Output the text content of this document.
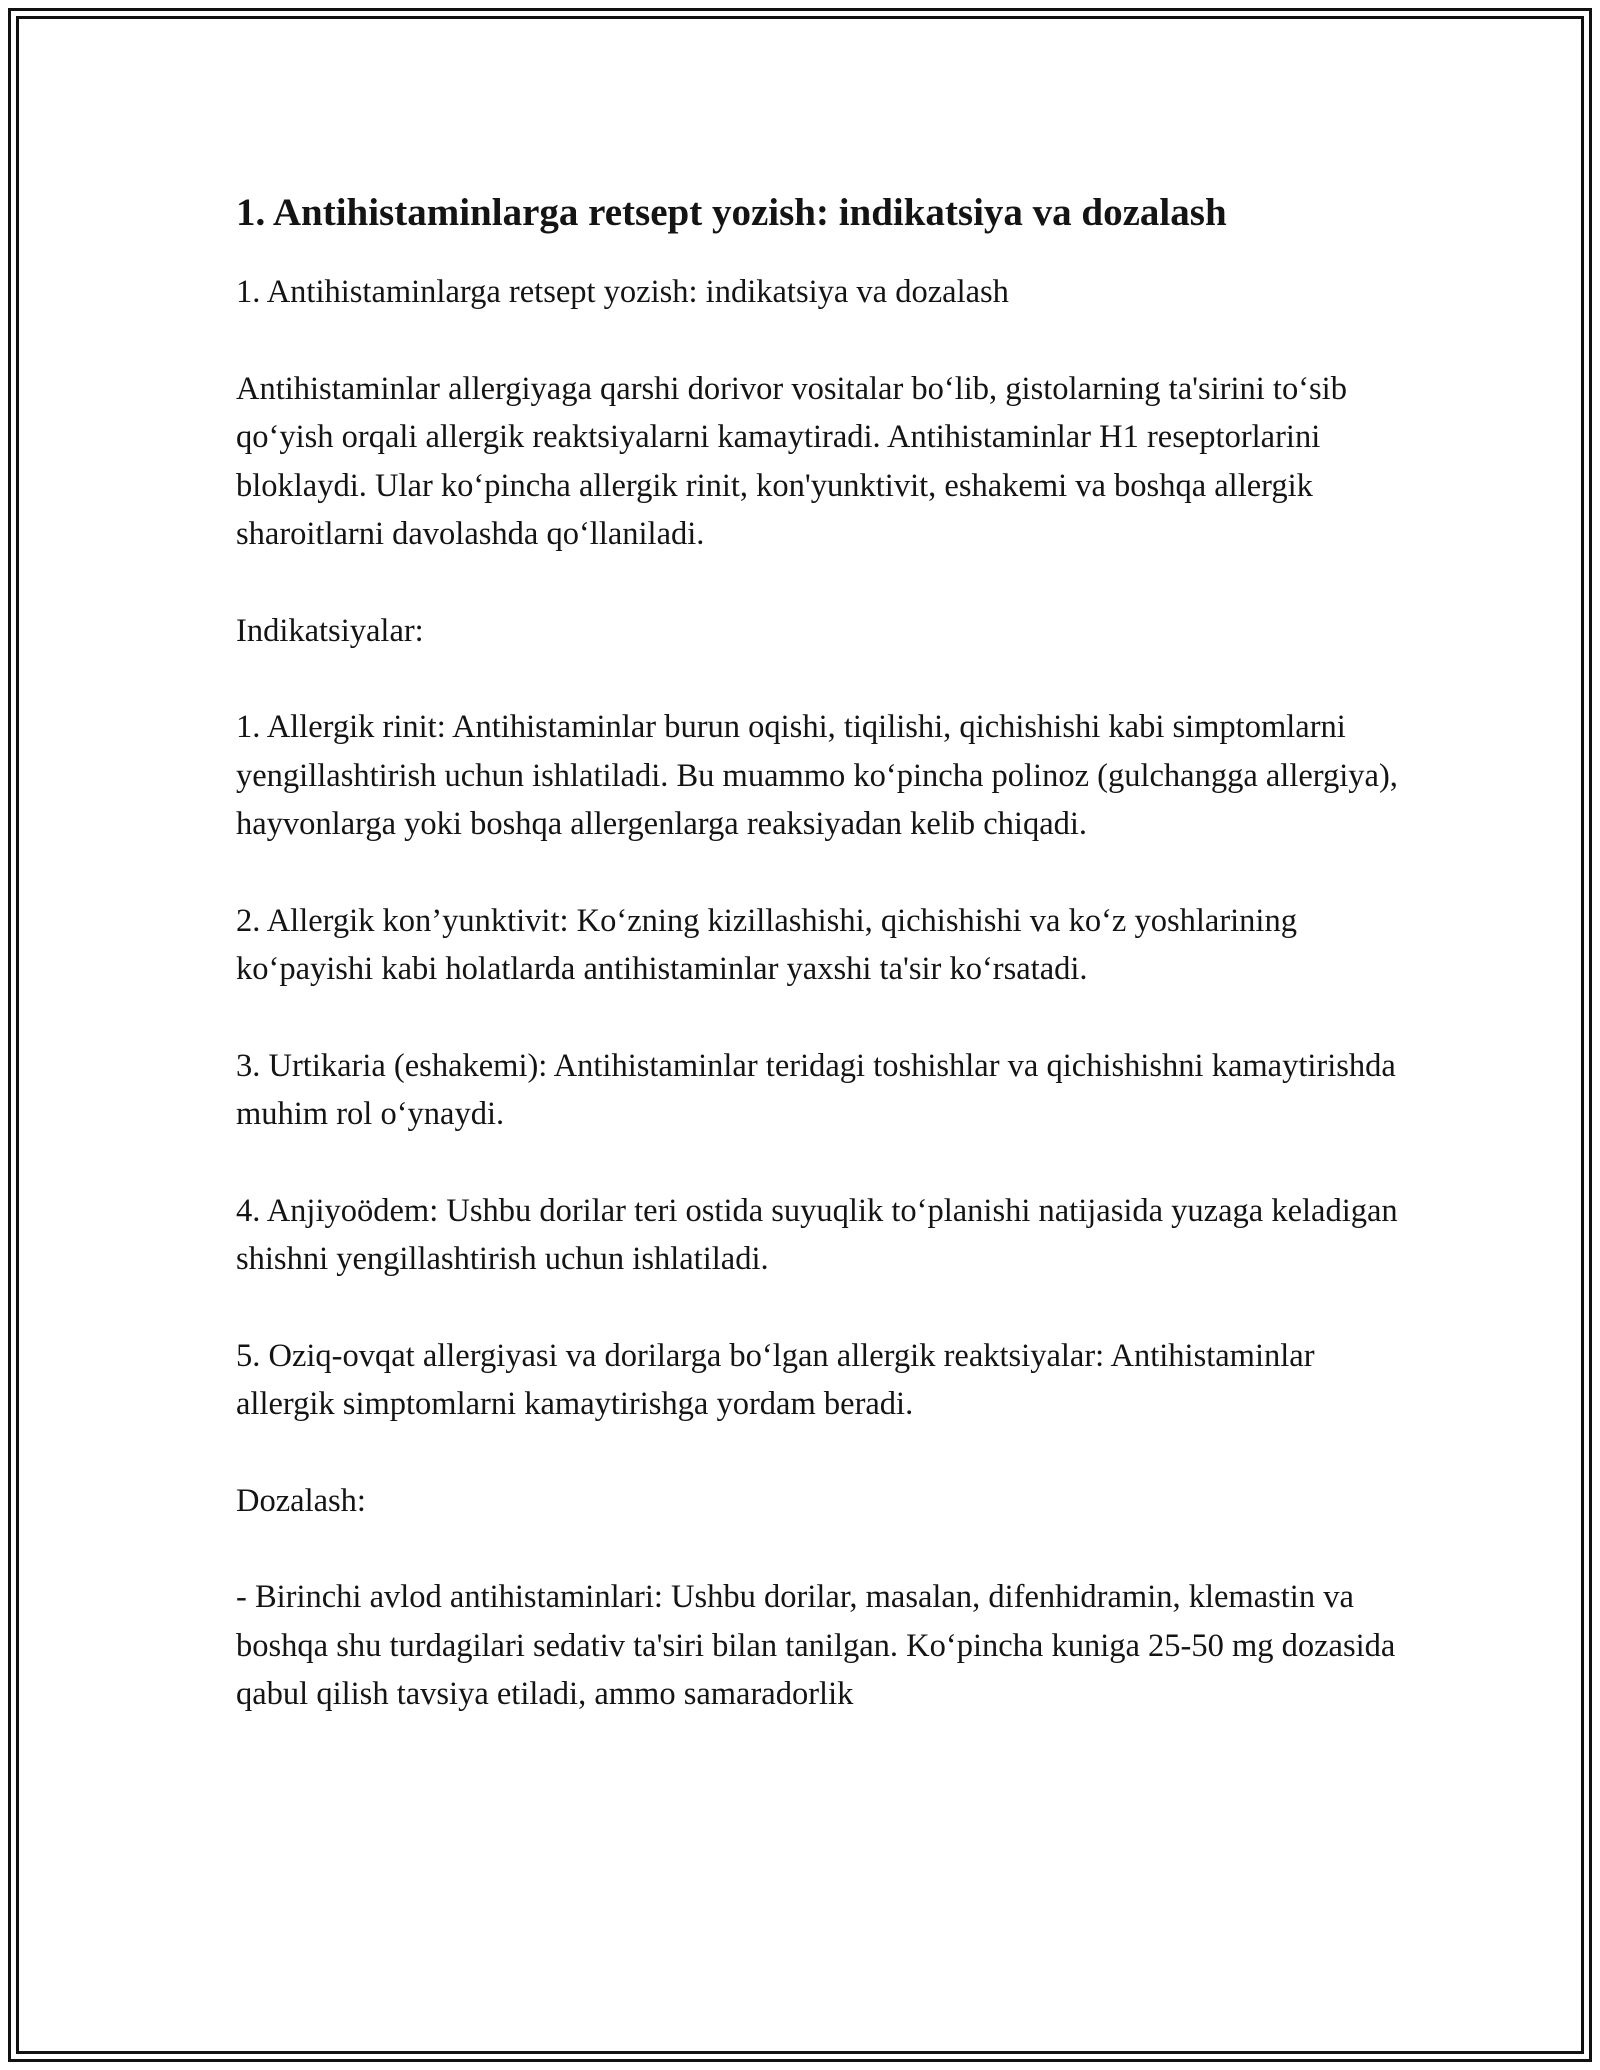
1. Antihistaminlarga retsept yozish: indikatsiya va dozalash

1. Antihistaminlarga retsept yozish: indikatsiya va dozalash

Antihistaminlar allergiyaga qarshi dorivor vositalar bo‘lib, gistolarning ta'sirini to‘sib qo‘yish orqali allergik reaktsiyalarni kamaytiradi. Antihistaminlar H1 reseptorlarini bloklaydi. Ular ko‘pincha allergik rinit, kon'yunktivit, eshakemi va boshqa allergik sharoitlarni davolashda qo‘llaniladi.

Indikatsiyalar:

1. Allergik rinit: Antihistaminlar burun oqishi, tiqilishi, qichishishi kabi simptomlarni yengillashtirish uchun ishlatiladi. Bu muammo ko‘pincha polinoz (gulchangga allergiya), hayvonlarga yoki boshqa allergenlarga reaksiyadan kelib chiqadi.

2. Allergik kon’yunktivit: Ko‘zning kizillashishi, qichishishi va ko‘z yoshlarining ko‘payishi kabi holatlarda antihistaminlar yaxshi ta'sir ko‘rsatadi.

3. Urtikaria (eshakemi): Antihistaminlar teridagi toshishlar va qichishishni kamaytirishda muhim rol o‘ynaydi.

4. Anjiyoödem: Ushbu dorilar teri ostida suyuqlik to‘planishi natijasida yuzaga keladigan shishni yengillashtirish uchun ishlatiladi.

5. Oziq-ovqat allergiyasi va dorilarga bo‘lgan allergik reaktsiyalar: Antihistaminlar allergik simptomlarni kamaytirishga yordam beradi.

Dozalash:

- Birinchi avlod antihistaminlari: Ushbu dorilar, masalan, difenhidramin, klemastin va boshqa shu turdagilari sedativ ta'siri bilan tanilgan. Ko‘pincha kuniga 25-50 mg dozasida qabul qilish tavsiya etiladi, ammo samaradorlik
